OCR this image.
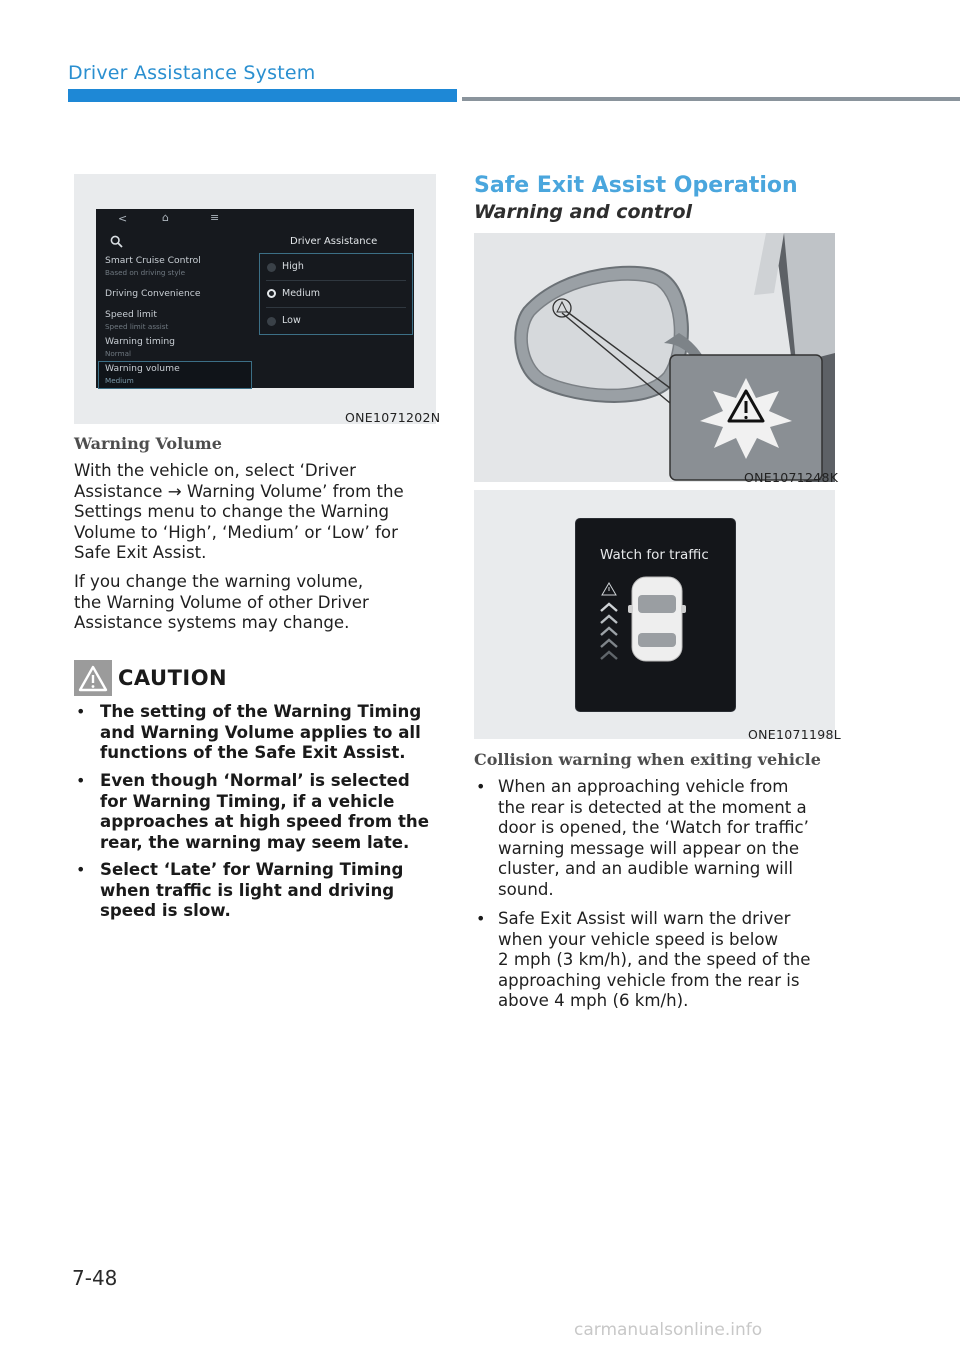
Driver Assistance System
<	⌂	≡
Driver Assistance
Smart Cruise Control
Based on driving style
Driving Convenience
Speed limit
Speed limit assist
Warning timing
Normal
Warning volume
Medium
High
Medium
Low
ONE1071202N
Warning Volume
With the vehicle on, select ‘Driver
Assistance → Warning Volume’ from the
Settings menu to change the Warning
Volume to ‘High’, ‘Medium’ or ‘Low’ for
Safe Exit Assist.
If you change the warning volume,
the Warning Volume of other Driver
Assistance systems may change.
CAUTION
• The setting of the Warning Timing
and Warning Volume applies to all
functions of the Safe Exit Assist.
• Even though ‘Normal’ is selected
for Warning Timing, if a vehicle
approaches at high speed from the
rear, the warning may seem late.
• Select ‘Late’ for Warning Timing
when traffic is light and driving
speed is slow.
Safe Exit Assist Operation
Warning and control
ONE1071248K
Watch for traffic
ONE1071198L
Collision warning when exiting vehicle
• When an approaching vehicle from
the rear is detected at the moment a
door is opened, the ‘Watch for traffic’
warning message will appear on the
cluster, and an audible warning will
sound.
• Safe Exit Assist will warn the driver
when your vehicle speed is below
2 mph (3 km/h), and the speed of the
approaching vehicle from the rear is
above 4 mph (6 km/h).
7-48
carmanualsonline.info
